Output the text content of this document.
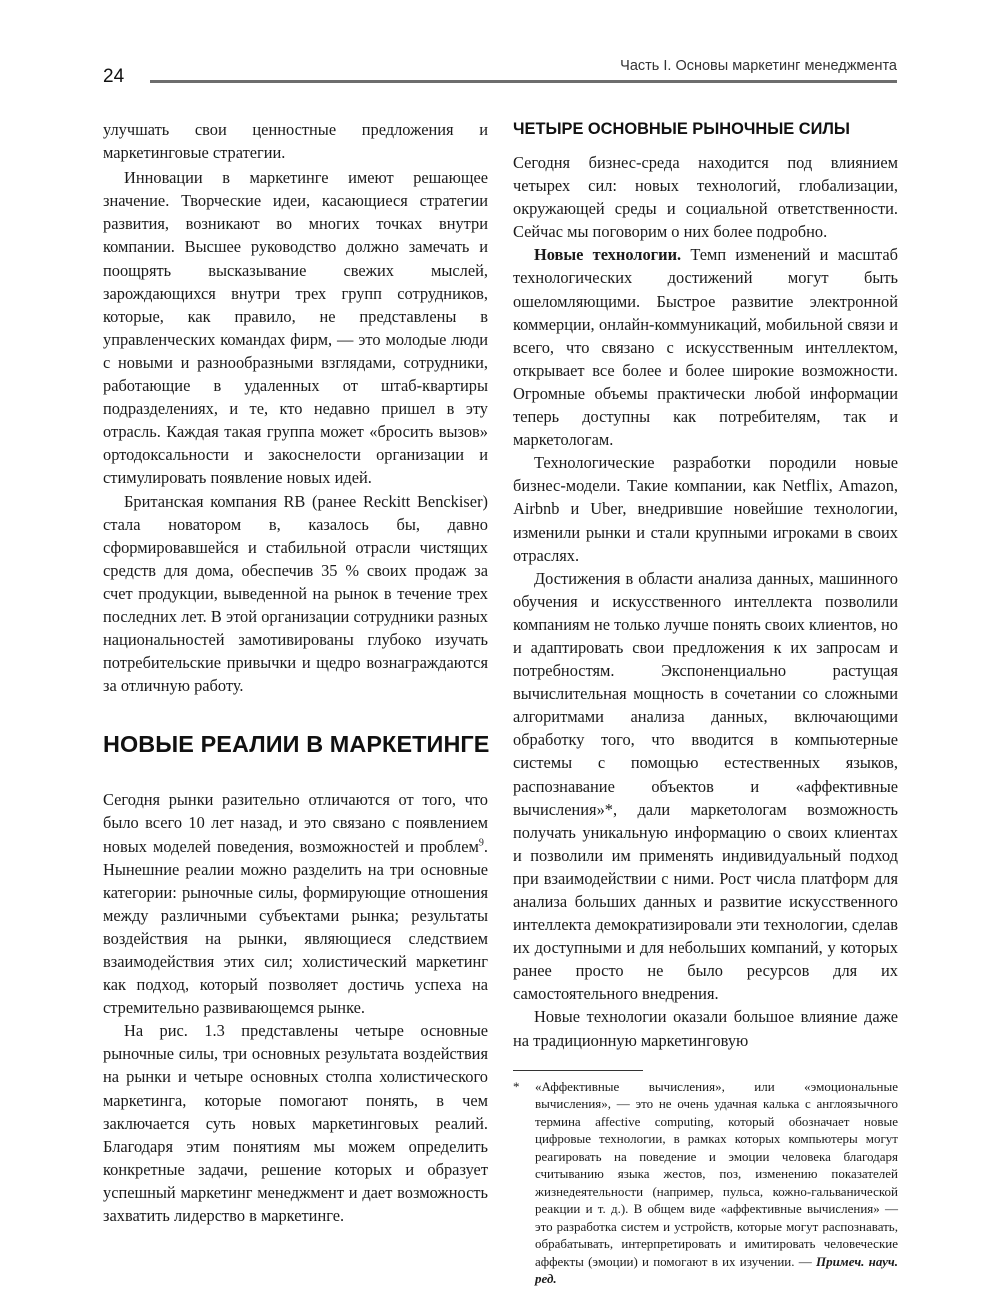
24	Часть I. Основы маркетинг менеджмента

улучшать свои ценностные предложения и маркетинговые стратегии.

Инновации в маркетинге имеют решающее значение. Творческие идеи, касающиеся стратегии развития, возникают во многих точках внутри компании. Высшее руководство должно замечать и поощрять высказывание свежих мыслей, зарождающихся внутри трех групп сотрудников, которые, как правило, не представлены в управленческих командах фирм, — это молодые люди с новыми и разнообразными взглядами, сотрудники, работающие в удаленных от штаб-квартиры подразделениях, и те, кто недавно пришел в эту отрасль. Каждая такая группа может «бросить вызов» ортодоксальности и закоснелости организации и стимулировать появление новых идей.

Британская компания RB (ранее Reckitt Benckiser) стала новатором в, казалось бы, давно сформировавшейся и стабильной отрасли чистящих средств для дома, обеспечив 35 % своих продаж за счет продукции, выведенной на рынок в течение трех последних лет. В этой организации сотрудники разных национальностей замотивированы глубоко изучать потребительские привычки и щедро вознаграждаются за отличную работу.

НОВЫЕ РЕАЛИИ В МАРКЕТИНГЕ

Сегодня рынки разительно отличаются от того, что было всего 10 лет назад, и это связано с появлением новых моделей поведения, возможностей и проблем$^9$. Нынешние реалии можно разделить на три основные категории: рыночные силы, формирующие отношения между различными субъектами рынка; результаты воздействия на рынки, являющиеся следствием взаимодействия этих сил; холистический маркетинг как подход, который позволяет достичь успеха на стремительно развивающемся рынке.

На рис. 1.3 представлены четыре основные рыночные силы, три основных результата воздействия на рынки и четыре основных столпа холистического маркетинга, которые помогают понять, в чем заключается суть новых маркетинговых реалий. Благодаря этим понятиям мы можем определить конкретные задачи, решение которых и образует успешный маркетинг менеджмент и дает возможность захватить лидерство в маркетинге.

ЧЕТЫРЕ ОСНОВНЫЕ РЫНОЧНЫЕ СИЛЫ

Сегодня бизнес-среда находится под влиянием четырех сил: новых технологий, глобализации, окружающей среды и социальной ответственности. Сейчас мы поговорим о них более подробно.

Новые технологии. Темп изменений и масштаб технологических достижений могут быть ошеломляющими. Быстрое развитие электронной коммерции, онлайн-коммуникаций, мобильной связи и всего, что связано с искусственным интеллектом, открывает все более и более широкие возможности. Огромные объемы практически любой информации теперь доступны как потребителям, так и маркетологам.

Технологические разработки породили новые бизнес-модели. Такие компании, как Netflix, Amazon, Airbnb и Uber, внедрившие новейшие технологии, изменили рынки и стали крупными игроками в своих отраслях.

Достижения в области анализа данных, машинного обучения и искусственного интеллекта позволили компаниям не только лучше понять своих клиентов, но и адаптировать свои предложения к их запросам и потребностям. Экспоненциально растущая вычислительная мощность в сочетании со сложными алгоритмами анализа данных, включающими обработку того, что вводится в компьютерные системы с помощью естественных языков, распознавание объектов и «аффективные вычисления»*, дали маркетологам возможность получать уникальную информацию о своих клиентах и позволили им применять индивидуальный подход при взаимодействии с ними. Рост числа платформ для анализа больших данных и развитие искусственного интеллекта демократизировали эти технологии, сделав их доступными и для небольших компаний, у которых ранее просто не было ресурсов для их самостоятельного внедрения.

Новые технологии оказали большое влияние даже на традиционную маркетинговую

*	«Аффективные вычисления», или «эмоциональные вычисления», — это не очень удачная калька с англоязычного термина affective computing, который обозначает новые цифровые технологии, в рамках которых компьютеры могут реагировать на поведение и эмоции человека благодаря считыванию языка жестов, поз, изменению показателей жизнедеятельности (например, пульса, кожно-гальванической реакции и т. д.). В общем виде «аффективные вычисления» — это разработка систем и устройств, которые могут распознавать, обрабатывать, интерпретировать и имитировать человеческие аффекты (эмоции) и помогают в их изучении. — Примеч. науч. ред.
